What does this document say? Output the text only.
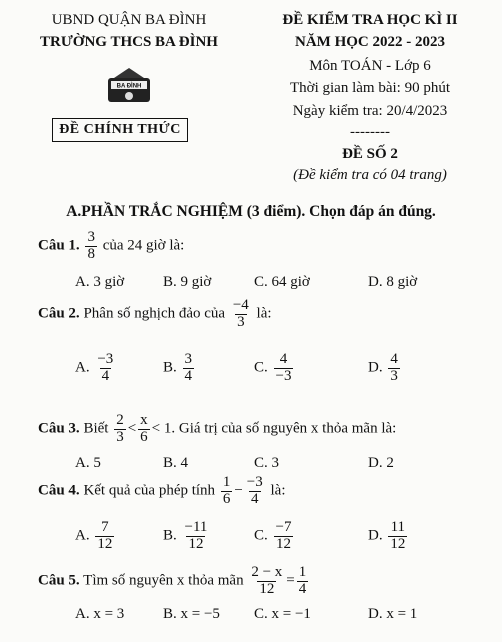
UBND QUẬN BA ĐÌNH
TRƯỜNG THCS BA ĐÌNH
BA ĐÌNH
ĐỀ CHÍNH THỨC
ĐỀ KIỂM TRA HỌC KÌ II
NĂM HỌC 2022 - 2023
Môn TOÁN - Lớp 6
Thời gian làm bài: 90 phút
Ngày kiểm tra: 20/4/2023
--------
ĐỀ SỐ 2
(Đề kiểm tra có 04 trang)
A.PHẦN TRẮC NGHIỆM (3 điểm). Chọn đáp án đúng.
Câu 1. $\frac{3}{8}$ của 24 giờ là:
A. 3 giờ	B. 9 giờ	C. 64 giờ	D. 8 giờ
Câu 2. Phân số nghịch đảo của $\frac{-4}{3}$ là:
A. $\frac{-3}{4}$	B. $\frac{3}{4}$	C. $\frac{4}{-3}$	D. $\frac{4}{3}$
Câu 3. Biết $\frac{2}{3} < \frac{x}{6} < 1$. Giá trị của số nguyên x thỏa mãn là:
A. 5	B. 4	C. 3	D. 2
Câu 4. Kết quả của phép tính $\frac{1}{6} - \frac{-3}{4}$ là:
A. $\frac{7}{12}$	B. $\frac{-11}{12}$	C. $\frac{-7}{12}$	D. $\frac{11}{12}$
Câu 5. Tìm số nguyên x thỏa mãn $\frac{2 - x}{12} = \frac{1}{4}$
A. x = 3	B. x = −5 C. x = −1	D. x = 1
